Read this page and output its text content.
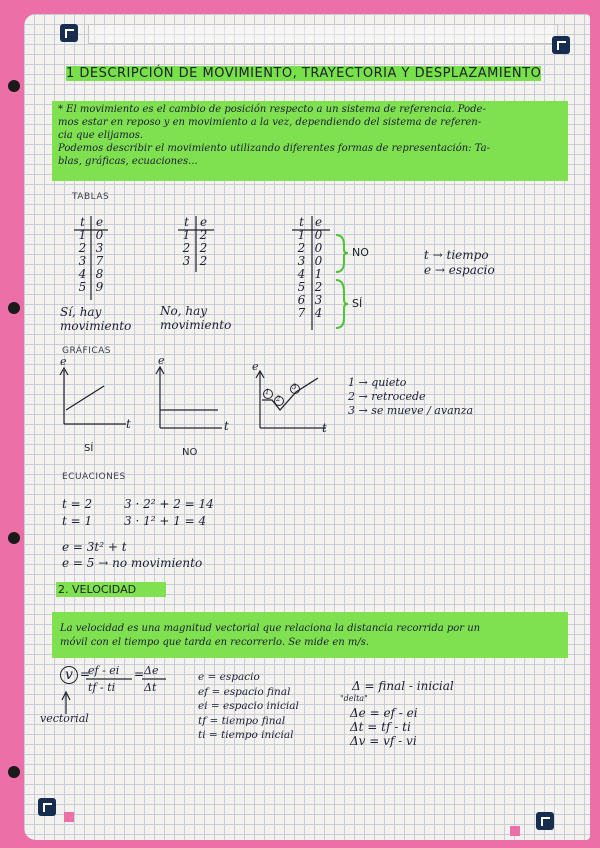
1 DESCRIPCIÓN DE MOVIMIENTO, TRAYECTORIA Y DESPLAZAMIENTO
* El movimiento es el cambio de posición respecto a un sistema de referencia. Pode-
mos estar en reposo y en movimiento a la vez, dependiendo del sistema de referen-
cia que elijamos.
Podemos describir el movimiento utilizando diferentes formas de representación: Ta-
blas, gráficas, ecuaciones...
TABLAS
t e
1 0
2 3
3 7
4 8
5 9
Sí, hay
movimiento
t e
1 2
2 2
3 2
No, hay
movimiento
t e
1 0
2 0
3 0
4 1
5 2
6 3
7 4
NO
SÍ
t → tiempo
e → espacio
GRÁFICAS
e
t
SÍ
e
t
NO
e
t
1
2
3	1 → quieto
2 → retrocede
3 → se mueve / avanza
ECUACIONES
t = 2
t = 1
3 · 2² + 2 = 14
3 · 1² + 1 = 4
e = 3t² + t
e = 5 → no movimiento
2. VELOCIDAD
La velocidad es una magnitud vectorial que relaciona la distancia recorrida por un
móvil con el tiempo que tarda en recorrerlo. Se mide en m/s.
v =
ef - ei
tf - ti
= Δe
Δt
vectorial
e = espacio
ef = espacio final
ei = espacio inicial
tf = tiempo final
ti = tiempo inicial
Δ = final - inicial
"delta"
Δe = ef - ei
Δt = tf - ti
Δv = vf - vi
